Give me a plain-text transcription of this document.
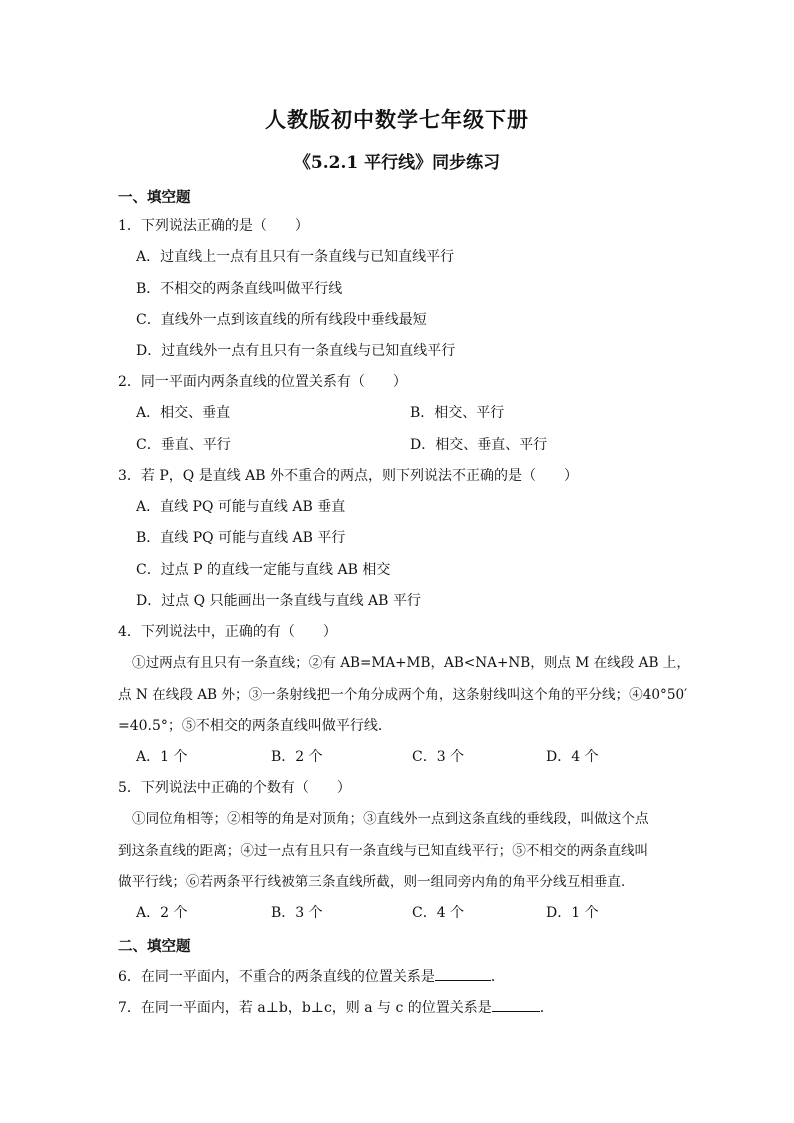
人教版初中数学七年级下册
《5.2.1 平行线》同步练习
一、填空题
1．下列说法正确的是（　　）
A．过直线上一点有且只有一条直线与已知直线平行
B．不相交的两条直线叫做平行线
C．直线外一点到该直线的所有线段中垂线最短
D．过直线外一点有且只有一条直线与已知直线平行
2．同一平面内两条直线的位置关系有（　　）
A．相交、垂直	B．相交、平行
C．垂直、平行	D．相交、垂直、平行
3．若 P，Q 是直线 AB 外不重合的两点，则下列说法不正确的是（　　）
A．直线 PQ 可能与直线 AB 垂直
B．直线 PQ 可能与直线 AB 平行
C．过点 P 的直线一定能与直线 AB 相交
D．过点 Q 只能画出一条直线与直线 AB 平行
4．下列说法中，正确的有（　　）
①过两点有且只有一条直线；②有 AB=MA+MB，AB<NA+NB，则点 M 在线段 AB 上，
点 N 在线段 AB 外；③一条射线把一个角分成两个角，这条射线叫这个角的平分线；④40°50′
=40.5°；⑤不相交的两条直线叫做平行线．
A．1 个	B．2 个	C．3 个	D．4 个
5．下列说法中正确的个数有（　　）
①同位角相等；②相等的角是对顶角；③直线外一点到这条直线的垂线段，叫做这个点
到这条直线的距离；④过一点有且只有一条直线与已知直线平行；⑤不相交的两条直线叫
做平行线；⑥若两条平行线被第三条直线所截，则一组同旁内角的角平分线互相垂直．
A．2 个	B．3 个	C．4 个	D．1 个
二、填空题
6．在同一平面内，不重合的两条直线的位置关系是	．
7．在同一平面内，若 a⊥b，b⊥c，则 a 与 c 的位置关系是	．
